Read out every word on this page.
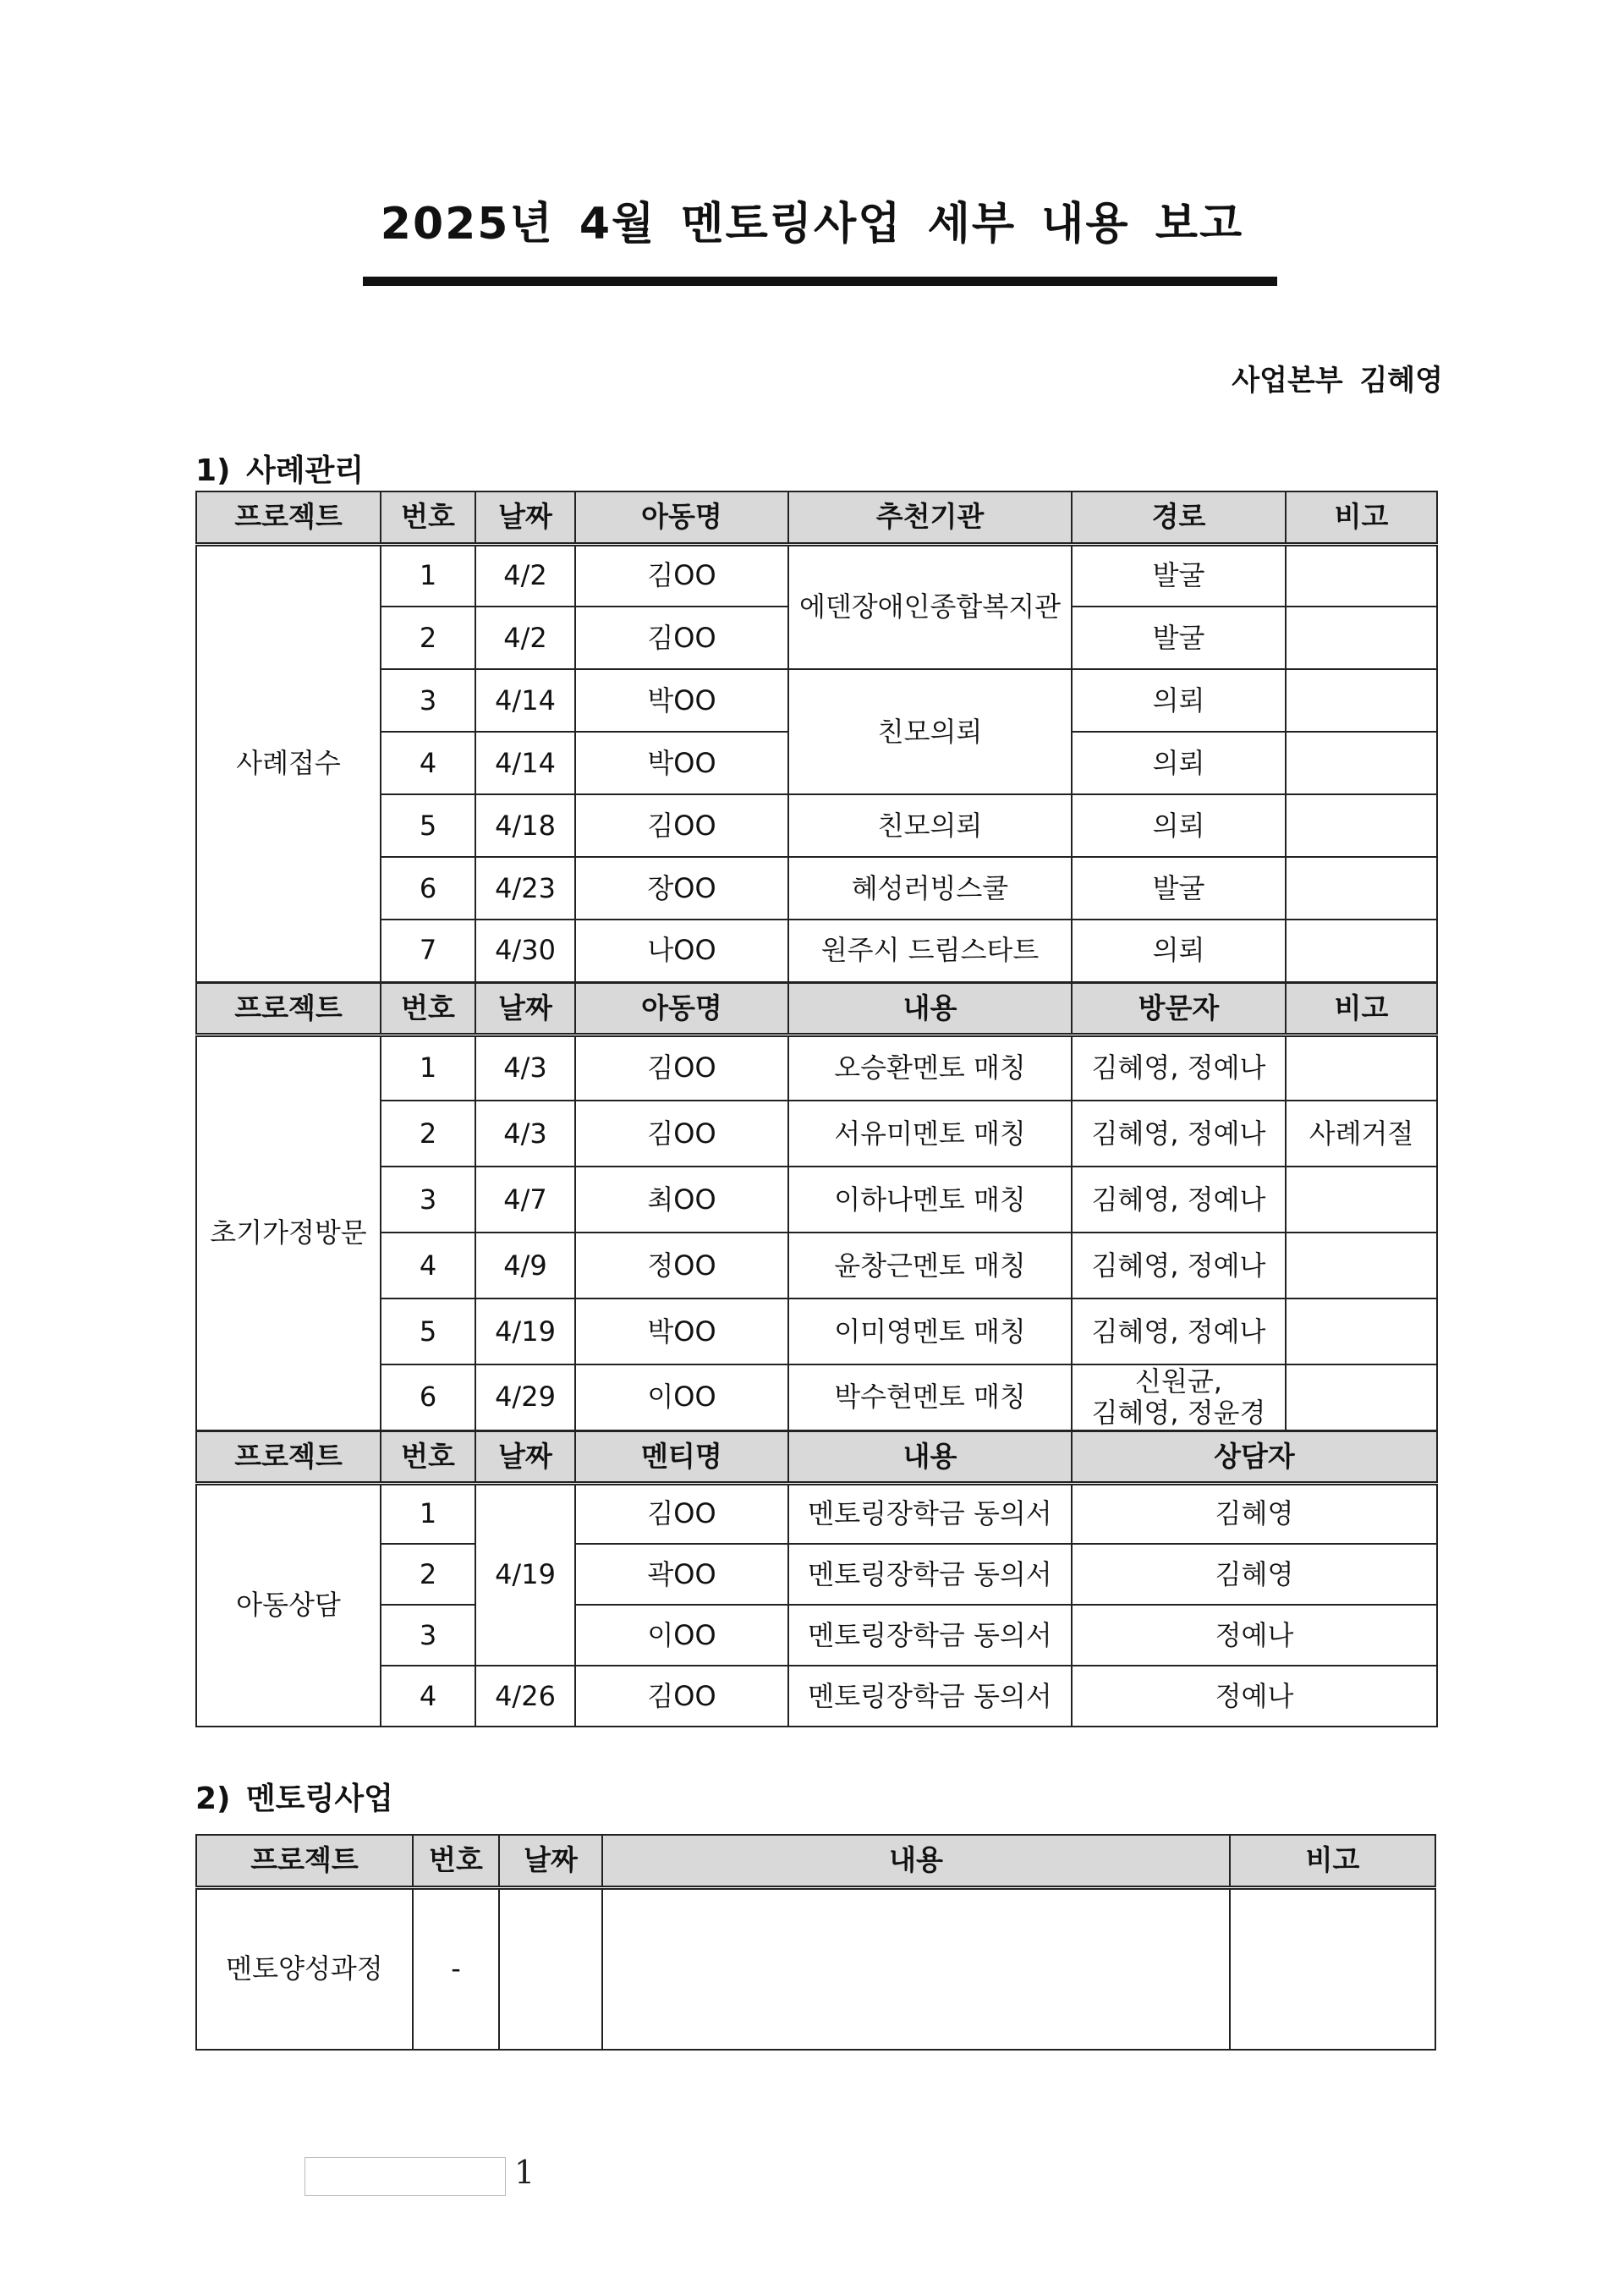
2025년 4월 멘토링사업 세부 내용 보고
사업본부 김혜영
1) 사례관리
프로젝트	번호	날짜	아동명	추천기관	경로	비고
사례접수	1	4/2	김OO	에덴장애인종합복지관	발굴	
	2	4/2	김OO		발굴	
	3	4/14	박OO	친모의뢰	의뢰	
	4	4/14	박OO		의뢰	
	5	4/18	김OO	친모의뢰	의뢰	
	6	4/23	장OO	혜성러빙스쿨	발굴	
	7	4/30	나OO	원주시 드림스타트	의뢰	
프로젝트	번호	날짜	아동명	내용	방문자	비고
초기가정방문	1	4/3	김OO	오승환멘토 매칭	김혜영, 정예나	
	2	4/3	김OO	서유미멘토 매칭	김혜영, 정예나	사례거절
	3	4/7	최OO	이하나멘토 매칭	김혜영, 정예나	
	4	4/9	정OO	윤창근멘토 매칭	김혜영, 정예나	
	5	4/19	박OO	이미영멘토 매칭	김혜영, 정예나	
	6	4/29	이OO	박수현멘토 매칭	신원균,
김혜영, 정윤경	

프로젝트	번호	날짜	멘티명	내용	상담자	
아동상담	1	4/19	김OO	멘토링장학금 동의서	김혜영	
	2		곽OO	멘토링장학금 동의서	김혜영	
	3		이OO	멘토링장학금 동의서	정예나	
	4	4/26	김OO	멘토링장학금 동의서	정예나	
2) 멘토링사업
프로젝트	번호	날짜	내용	비고
멘토양성과정	-			
1
